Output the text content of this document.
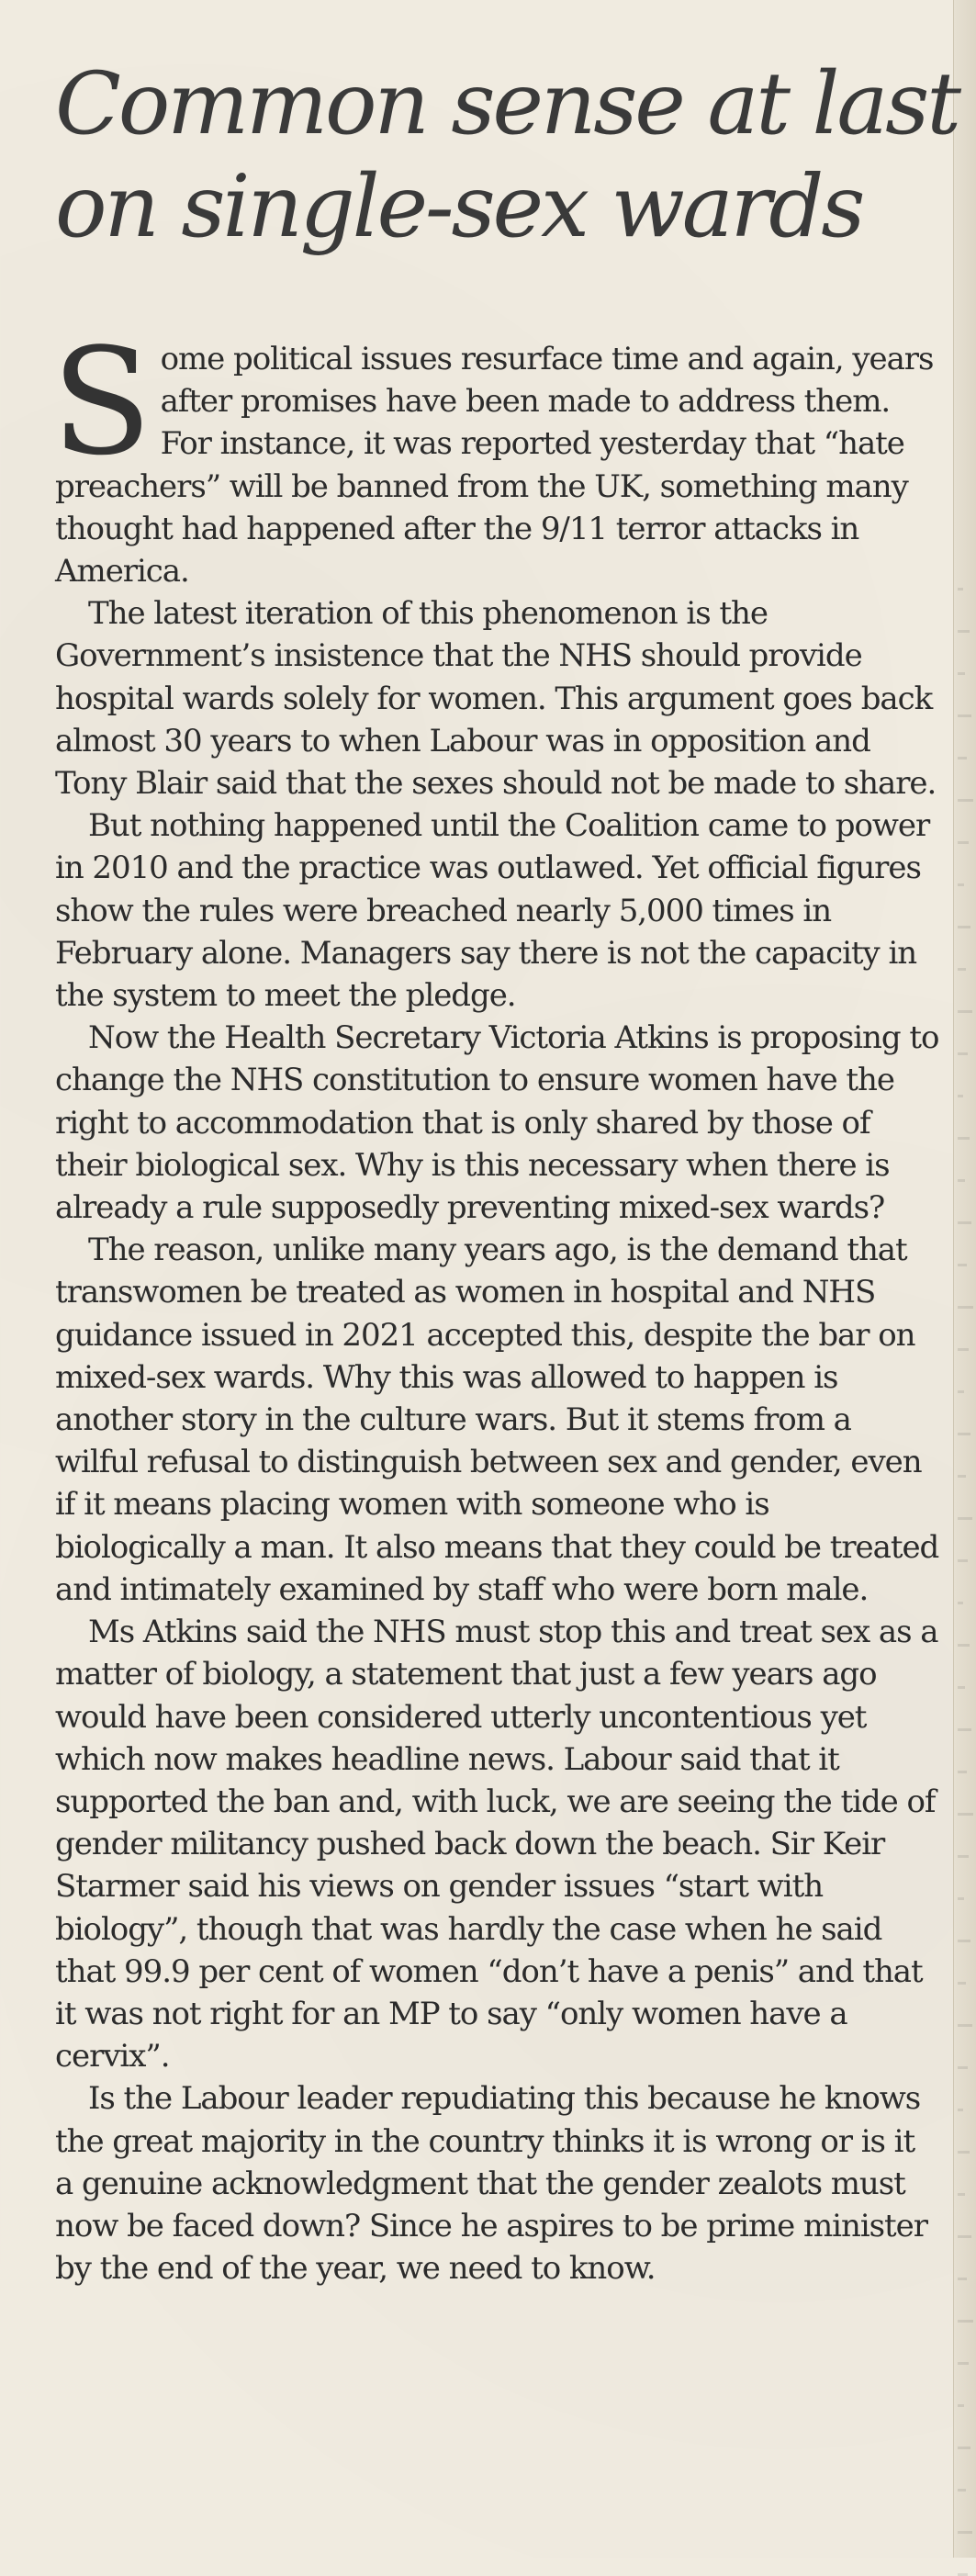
Common sense at last
on single-sex wards

Some political issues resurface time and again, years after promises have been made to address them. For instance, it was reported yesterday that “hate preachers” will be banned from the UK, something many thought had happened after the 9/11 terror attacks in America.

The latest iteration of this phenomenon is the Government’s insistence that the NHS should provide hospital wards solely for women. This argument goes back almost 30 years to when Labour was in opposition and Tony Blair said that the sexes should not be made to share.

But nothing happened until the Coalition came to power in 2010 and the practice was outlawed. Yet official figures show the rules were breached nearly 5,000 times in February alone. Managers say there is not the capacity in the system to meet the pledge.

Now the Health Secretary Victoria Atkins is proposing to change the NHS constitution to ensure women have the right to accommodation that is only shared by those of their biological sex. Why is this necessary when there is already a rule supposedly preventing mixed-sex wards?

The reason, unlike many years ago, is the demand that transwomen be treated as women in hospital and NHS guidance issued in 2021 accepted this, despite the bar on mixed-sex wards. Why this was allowed to happen is another story in the culture wars. But it stems from a wilful refusal to distinguish between sex and gender, even if it means placing women with someone who is biologically a man. It also means that they could be treated and intimately examined by staff who were born male.

Ms Atkins said the NHS must stop this and treat sex as a matter of biology, a statement that just a few years ago would have been considered utterly uncontentious yet which now makes headline news. Labour said that it supported the ban and, with luck, we are seeing the tide of gender militancy pushed back down the beach. Sir Keir Starmer said his views on gender issues “start with biology”, though that was hardly the case when he said that 99.9 per cent of women “don’t have a penis” and that it was not right for an MP to say “only women have a cervix”.

Is the Labour leader repudiating this because he knows the great majority in the country thinks it is wrong or is it a genuine acknowledgment that the gender zealots must now be faced down? Since he aspires to be prime minister by the end of the year, we need to know.
